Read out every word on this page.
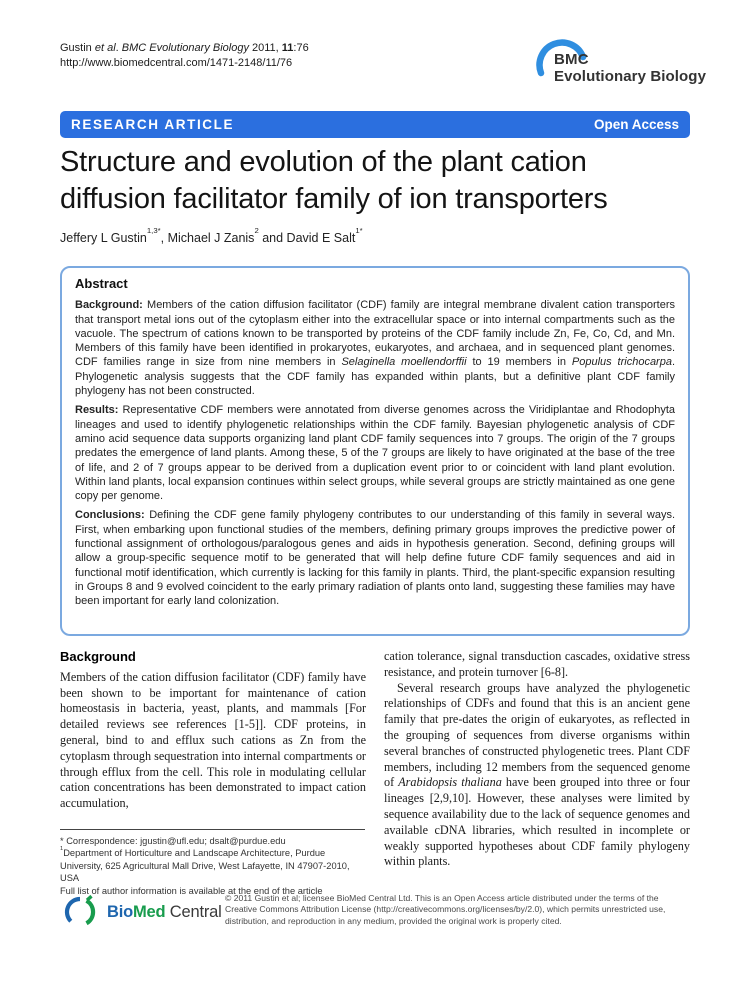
Gustin et al. BMC Evolutionary Biology 2011, 11:76
http://www.biomedcentral.com/1471-2148/11/76	BMC
Evolutionary Biology
RESEARCH ARTICLE	Open Access
Structure and evolution of the plant cation diffusion facilitator family of ion transporters
Jeffery L Gustin$^{1,3*}$, Michael J Zanis$^2$ and David E Salt$^{1*}$
Abstract

Background: Members of the cation diffusion facilitator (CDF) family are integral membrane divalent cation transporters that transport metal ions out of the cytoplasm either into the extracellular space or into internal compartments such as the vacuole. The spectrum of cations known to be transported by proteins of the CDF family include Zn, Fe, Co, Cd, and Mn. Members of this family have been identified in prokaryotes, eukaryotes, and archaea, and in sequenced plant genomes. CDF families range in size from nine members in Selaginella moellendorffii to 19 members in Populus trichocarpa. Phylogenetic analysis suggests that the CDF family has expanded within plants, but a definitive plant CDF family phylogeny has not been constructed.

Results: Representative CDF members were annotated from diverse genomes across the Viridiplantae and Rhodophyta lineages and used to identify phylogenetic relationships within the CDF family. Bayesian phylogenetic analysis of CDF amino acid sequence data supports organizing land plant CDF family sequences into 7 groups. The origin of the 7 groups predates the emergence of land plants. Among these, 5 of the 7 groups are likely to have originated at the base of the tree of life, and 2 of 7 groups appear to be derived from a duplication event prior to or coincident with land plant evolution. Within land plants, local expansion continues within select groups, while several groups are strictly maintained as one gene copy per genome.

Conclusions: Defining the CDF gene family phylogeny contributes to our understanding of this family in several ways. First, when embarking upon functional studies of the members, defining primary groups improves the predictive power of functional assignment of orthologous/paralogous genes and aids in hypothesis generation. Second, defining groups will allow a group-specific sequence motif to be generated that will help define future CDF family sequences and aid in functional motif identification, which currently is lacking for this family in plants. Third, the plant-specific expansion resulting in Groups 8 and 9 evolved coincident to the early primary radiation of plants onto land, suggesting these families may have been important for early land colonization.

Background

Members of the cation diffusion facilitator (CDF) family have been shown to be important for maintenance of cation homeostasis in bacteria, yeast, plants, and mammals [For detailed reviews see references [1-5]]. CDF proteins, in general, bind to and efflux such cations as Zn from the cytoplasm through sequestration into internal compartments or through efflux from the cell. This role in modulating cellular cation concentrations has been demonstrated to impact cation accumulation,

cation tolerance, signal transduction cascades, oxidative stress resistance, and protein turnover [6-8].

Several research groups have analyzed the phylogenetic relationships of CDFs and found that this is an ancient gene family that pre-dates the origin of eukaryotes, as reflected in the grouping of sequences from diverse organisms within several branches of constructed phylogenetic trees. Plant CDF members, including 12 members from the sequenced genome of Arabidopsis thaliana have been grouped into three or four lineages [2,9,10]. However, these analyses were limited by sequence availability due to the lack of sequence genomes and available cDNA libraries, which resulted in incomplete or weakly supported hypotheses about CDF family phylogeny within plants.

* Correspondence: jgustin@ufl.edu; dsalt@purdue.edu
$^1$Department of Horticulture and Landscape Architecture, Purdue University, 625 Agricultural Mall Drive, West Lafayette, IN 47907-2010, USA
Full list of author information is available at the end of the article
BioMed Central
© 2011 Gustin et al; licensee BioMed Central Ltd. This is an Open Access article distributed under the terms of the Creative Commons Attribution License (http://creativecommons.org/licenses/by/2.0), which permits unrestricted use, distribution, and reproduction in any medium, provided the original work is properly cited.
